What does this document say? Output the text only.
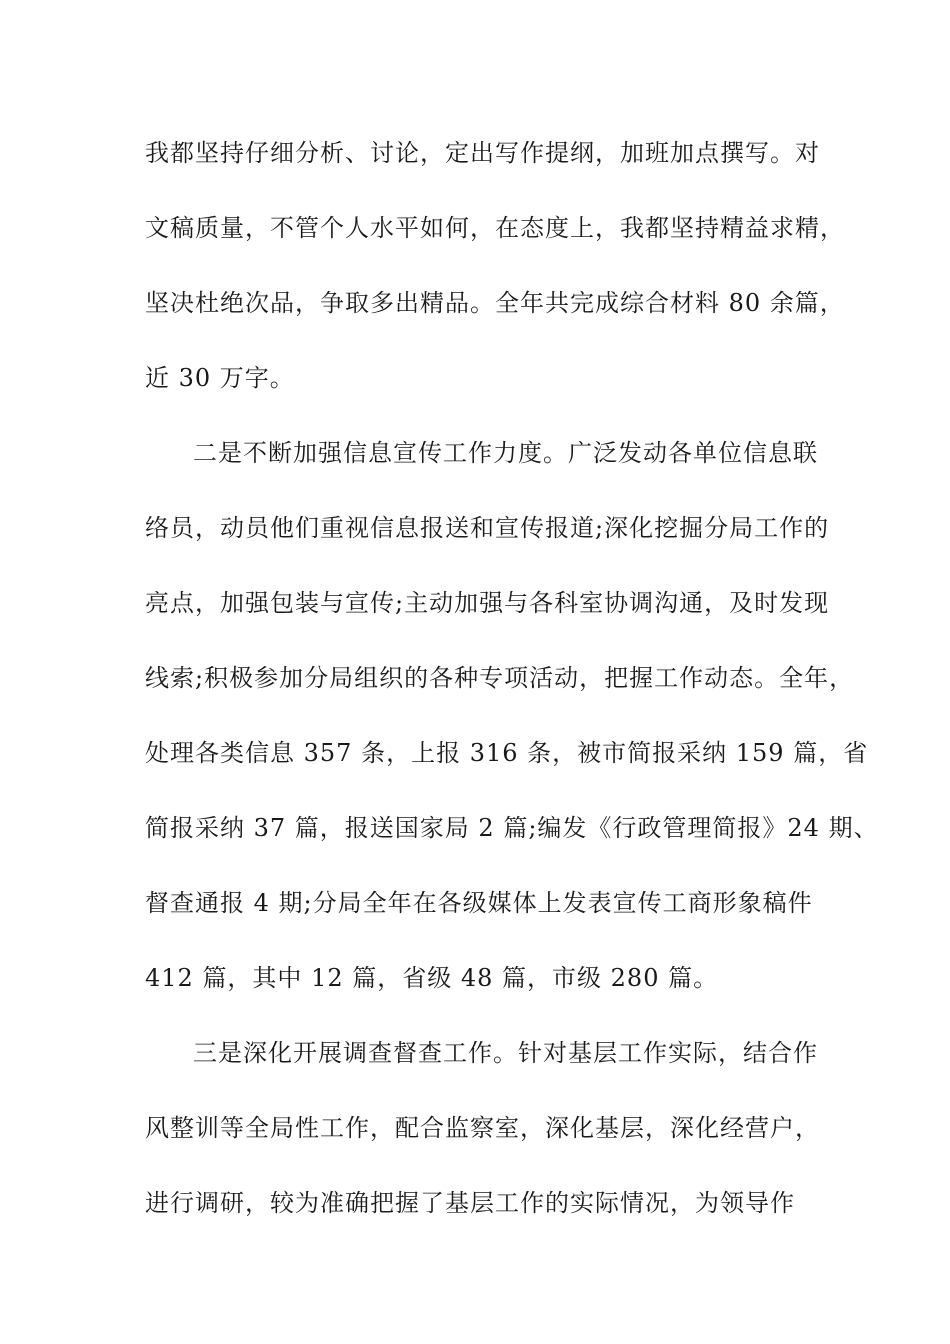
我都坚持仔细分析、讨论，定出写作提纲，加班加点撰写。对
文稿质量，不管个人水平如何，在态度上，我都坚持精益求精，
坚决杜绝次品，争取多出精品。全年共完成综合材料 80 余篇，
近 30 万字。
二是不断加强信息宣传工作力度。广泛发动各单位信息联
络员，动员他们重视信息报送和宣传报道;深化挖掘分局工作的
亮点，加强包装与宣传;主动加强与各科室协调沟通，及时发现
线索;积极参加分局组织的各种专项活动，把握工作动态。全年，
处理各类信息 357 条，上报 316 条，被市简报采纳 159 篇，省
简报采纳 37 篇，报送国家局 2 篇;编发《行政管理简报》24 期、
督查通报 4 期;分局全年在各级媒体上发表宣传工商形象稿件
412 篇，其中 12 篇，省级 48 篇，市级 280 篇。
三是深化开展调查督查工作。针对基层工作实际，结合作
风整训等全局性工作，配合监察室，深化基层，深化经营户，
进行调研，较为准确把握了基层工作的实际情况，为领导作
